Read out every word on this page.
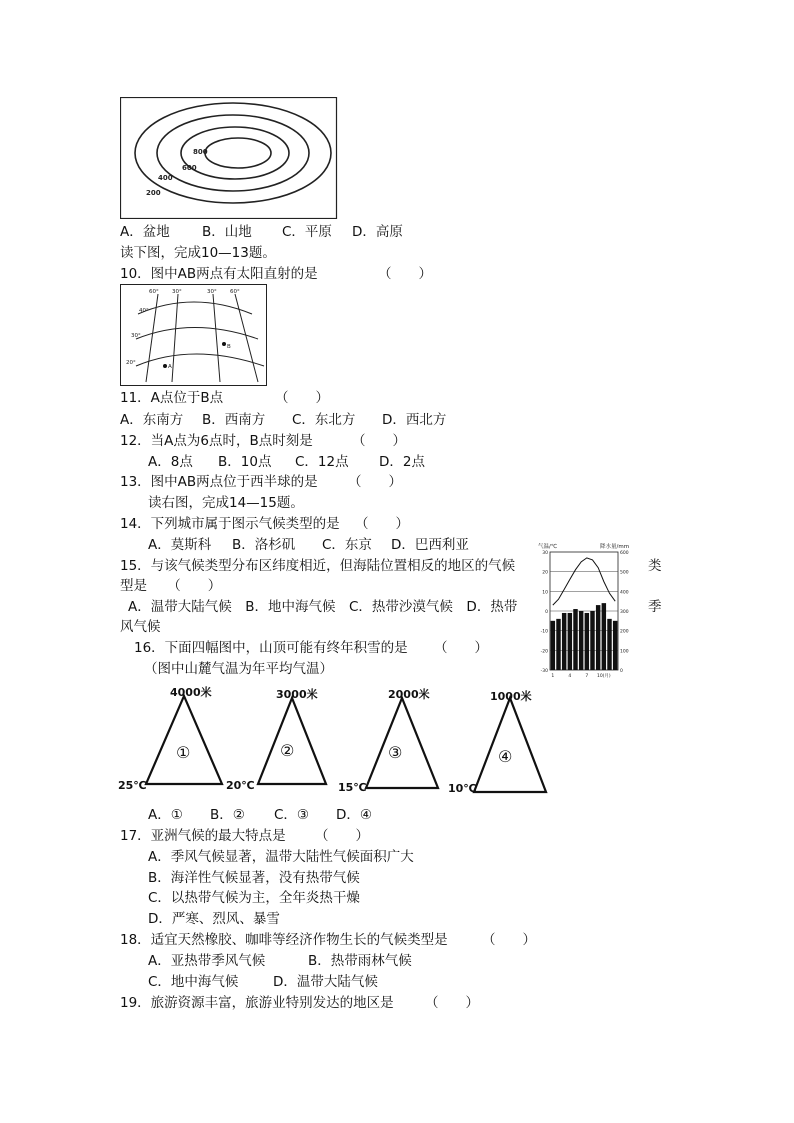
800
600
400
200
A．盆地 B．山地 C．平原 D．高原
读下图，完成10—13题。
10．图中AB两点有太阳直射的是	（　　）
60° 30°	30° 60°
40°
30°
20°
A
B
11．A点位于B点	（　　）
A．东南方 B．西南方 C．东北方 D．西北方
12．当A点为6点时，B点时刻是	（　　）
A．8点 B．10点 C．12点 D．2点
13．图中AB两点位于西半球的是 （　　）
读右图，完成14—15题。
14．下列城市属于图示气候类型的是 （　　）
A．莫斯科 B．洛杉矶 C．东京 D．巴西利亚
15．与该气候类型分布区纬度相近，但海陆位置相反的地区的气候	类
型是 （　　）
A．温带大陆气候　B．地中海气候　C．热带沙漠气候　D．热带	季
风气候
气温/℃	降水量/mm
30	600
20	500
10	400
0	300
-10	200
-20	100
-30	0
1	4	7 10(月)
16．下面四幅图中，山顶可能有终年积雪的是 （　　）
（图中山麓气温为年平均气温）
4000米
①
25℃
3000米
②
20℃
2000米
③
15℃
1000米
④
10℃
A．① B．② C．③ D．④
17．亚洲气候的最大特点是 （　　）
A．季风气候显著，温带大陆性气候面积广大
B．海洋性气候显著，没有热带气候
C．以热带气候为主，全年炎热干燥
D．严寒、烈风、暴雪
18．适宜天然橡胶、咖啡等经济作物生长的气候类型是	（　　）
A．亚热带季风气候	B．热带雨林气候
C．地中海气候	D．温带大陆气候
19．旅游资源丰富，旅游业特别发达的地区是 （　　）
